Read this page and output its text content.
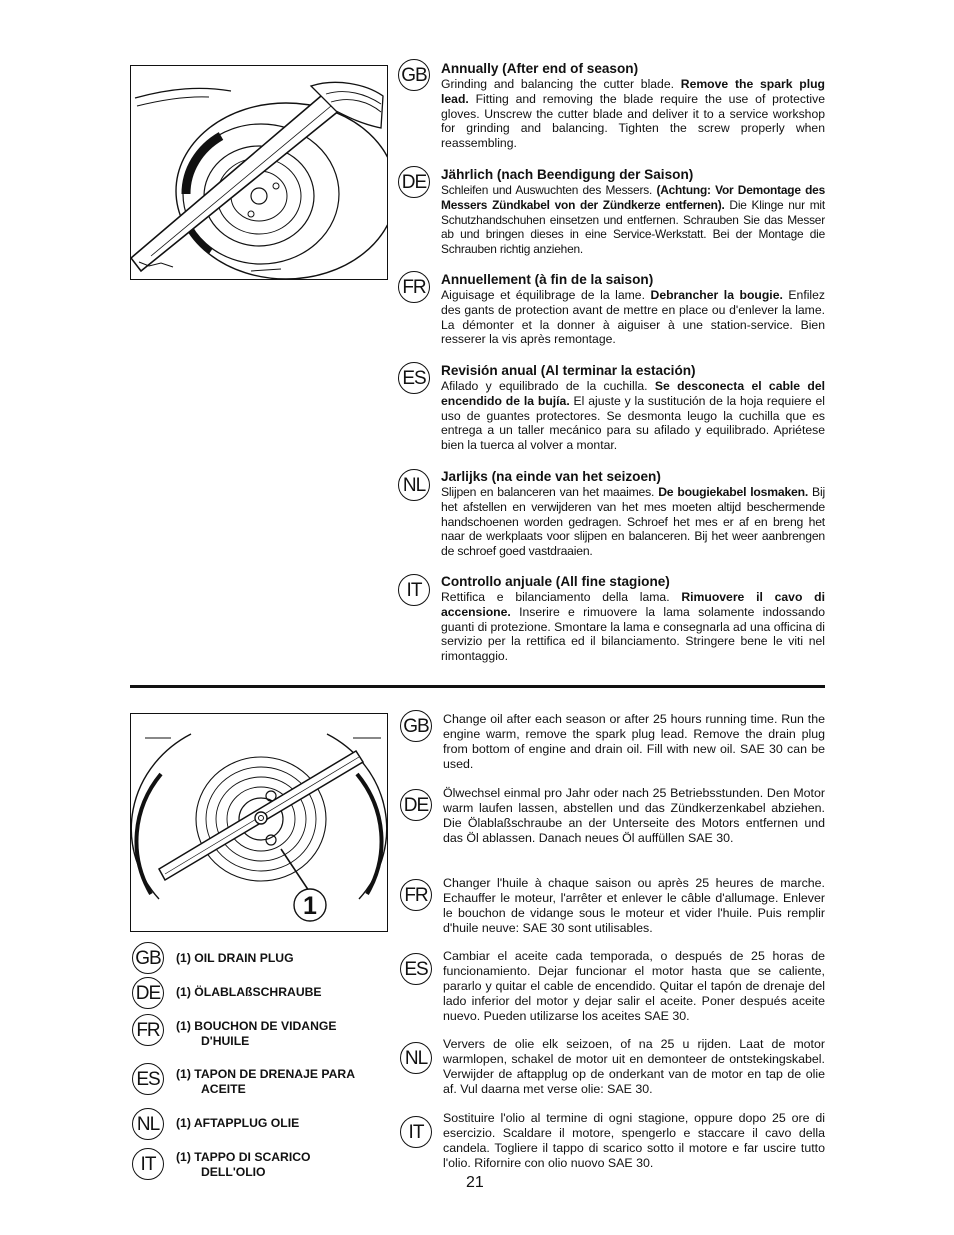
GB Annually (After end of season)
Grinding and balancing the cutter blade. Remove the spark plug lead. Fitting and removing the blade require the use of protective gloves. Unscrew the cutter blade and deliver it to a service workshop for grinding and balancing. Tighten the screw properly when reassembling.
DE Jährlich (nach Beendigung der Saison)
Schleifen und Auswuchten des Messers. (Achtung: Vor Demontage des Messers Zündkabel von der Zündkerze entfernen). Die Klinge nur mit Schutzhandschuhen einsetzen und entfernen. Schrauben Sie das Messer ab und bringen dieses in eine Service-Werkstatt. Bei der Montage die Schrauben richtig anziehen.
FR	Annuellement (à fin de la saison)
Aiguisage et équilibrage de la lame. Debrancher la bougie. Enfilez des gants de protection avant de mettre en place ou d'enlever la lame. La démonter et la donner à aiguiser à une station-service. Bien resserer la vis après remontage.
ES	Revisión anual (Al terminar la estación)
Afilado y equilibrado de la cuchilla. Se desconecta el cable del encendido de la bujía. El ajuste y la sustitución de la hoja requiere el uso de guantes protectores. Se desmonta leugo la cuchilla que es entrega a un taller mecánico para su afilado y equilibrado. Apriétese bien la tuerca al volver a montar.
NL	Jarlijks (na einde van het seizoen)
Slijpen en balanceren van het maaimes. De bougiekabel losmaken. Bij het afstellen en verwijderen van het mes moeten altijd beschermende handschoenen worden gedragen. Schroef het mes er af en breng het naar de werkplaats voor slijpen en balanceren. Bij het weer aanbrengen de schroef goed vastdraaien.
IT	Controllo anjuale (All fine stagione)
Rettifica e bilanciamento della lama. Rimuovere il cavo di accensione. Inserire e rimuovere la lama solamente indossando guanti di protezione. Smontare la lama e consegnarla ad una officina di servizio per la rettifica ed il bilanciamento. Stringere bene le viti nel rimontaggio.
1
GB (1) OIL DRAIN PLUG
DE	(1) ÖLABLAßSCHRAUBE
FR	(1) BOUCHON DE VIDANGE
D'HUILE
ES	(1) TAPON DE DRENAJE PARA
ACEITE
NL	(1) AFTAPPLUG OLIE
IT	(1) TAPPO DI SCARICO
DELL'OLIO
GB Change oil after each season or after 25 hours running time. Run the engine warm, remove the spark plug lead. Remove the drain plug from bottom of engine and drain oil. Fill with new oil. SAE 30 can be used.
DE
Ölwechsel einmal pro Jahr oder nach 25 Betriebsstunden. Den Motor warm laufen lassen, abstellen und das Zündkerzenkabel abziehen. Die Ölablaßschraube an der Unterseite des Motors entfernen und das Öl ablassen. Danach neues Öl auffüllen SAE 30.
FR
Changer l'huile à chaque saison ou après 25 heures de marche. Echauffer le moteur, l'arrêter et enlever le câble d'allumage. Enlever le bouchon de vidange sous le moteur et vider l'huile. Puis remplir d'huile neuve: SAE 30 sont utilisables.
ES
Cambiar el aceite cada temporada, o después de 25 horas de funcionamiento. Dejar funcionar el motor hasta que se caliente, pararlo y quitar el cable de encendido. Quitar el tapón de drenaje del lado inferior del motor y dejar salir el aceite. Poner después aceite nuevo. Pueden utilizarse los aceites SAE 30.
NL
Ververs de olie elk seizoen, of na 25 u rijden. Laat de motor warmlopen, schakel de motor uit en demonteer de ontstekingskabel. Verwijder de aftapplug op de onderkant van de motor en tap de olie af. Vul daarna met verse olie: SAE 30.
IT
Sostituire l'olio al termine di ogni stagione, oppure dopo 25 ore di esercizio. Scaldare il motore, spengerlo e staccare il cavo della candela. Togliere il tappo di scarico sotto il motore e far uscire tutto l'olio. Rifornire con olio nuovo SAE 30.
21
